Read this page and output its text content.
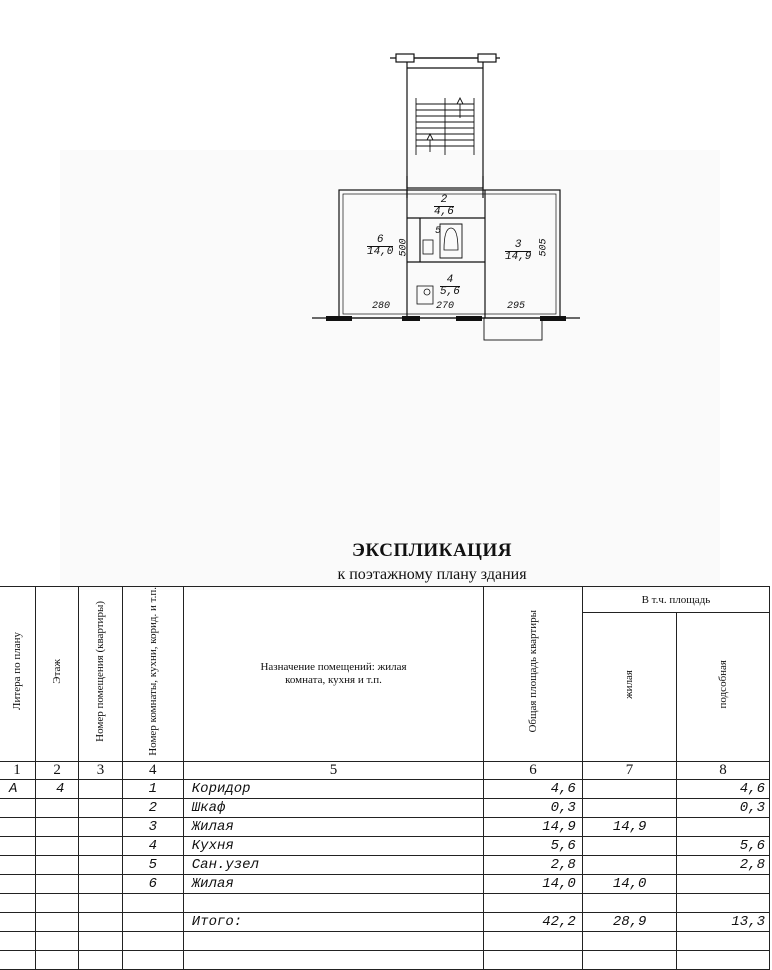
2
4,6
6
14,0
5
3
14,9
4
5,6
500	505
280	270	295
ЭКСПЛИКАЦИЯ
к поэтажному плану здания
Литера по плану	Этаж	Номер помещения (квартиры)	Номер комнаты, кухни, корид. и т.п.	Назначение помещений: жилая комната, кухня и т.п.	Общая площадь квартиры	В т.ч. площадь	
						жилая	подсобная
1	2	3	4	5	6	7	8
А	4		1	Коридор	4,6		4,6
			2	Шкаф	0,3		0,3
			3	Жилая	14,9	14,9	
			4	Кухня	5,6		5,6
			5	Сан.узел	2,8		2,8
			6	Жилая	14,0	14,0	

				Итого:	42,2	28,9	13,3
